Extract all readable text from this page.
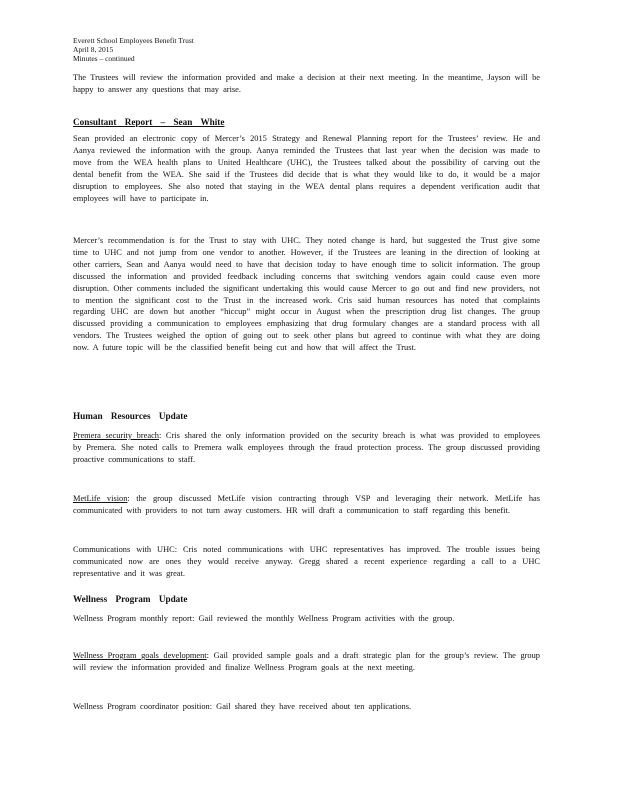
Everett School Employees Benefit Trust
April 8, 2015
Minutes – continued

The Trustees will review the information provided and make a decision at their next meeting. In the meantime, Jayson will be happy to answer any questions that may arise.

Consultant Report – Sean White

Sean provided an electronic copy of Mercer’s 2015 Strategy and Renewal Planning report for the Trustees’ review. He and Aanya reviewed the information with the group. Aanya reminded the Trustees that last year when the decision was made to move from the WEA health plans to United Healthcare (UHC), the Trustees talked about the possibility of carving out the dental benefit from the WEA. She said if the Trustees did decide that is what they would like to do, it would be a major disruption to employees. She also noted that staying in the WEA dental plans requires a dependent verification audit that employees will have to participate in.

Mercer’s recommendation is for the Trust to stay with UHC. They noted change is hard, but suggested the Trust give some time to UHC and not jump from one vendor to another. However, if the Trustees are leaning in the direction of looking at other carriers, Sean and Aanya would need to have that decision today to have enough time to solicit information. The group discussed the information and provided feedback including concerns that switching vendors again could cause even more disruption. Other comments included the significant undertaking this would cause Mercer to go out and find new providers, not to mention the significant cost to the Trust in the increased work. Cris said human resources has noted that complaints regarding UHC are down but another “hiccup” might occur in August when the prescription drug list changes. The group discussed providing a communication to employees emphasizing that drug formulary changes are a standard process with all vendors. The Trustees weighed the option of going out to seek other plans but agreed to continue with what they are doing now. A future topic will be the classified benefit being cut and how that will affect the Trust.

Human Resources Update

Premera security breach: Cris shared the only information provided on the security breach is what was provided to employees by Premera. She noted calls to Premera walk employees through the fraud protection process. The group discussed providing proactive communications to staff.

MetLife vision: the group discussed MetLife vision contracting through VSP and leveraging their network. MetLife has communicated with providers to not turn away customers. HR will draft a communication to staff regarding this benefit.

Communications with UHC: Cris noted communications with UHC representatives has improved. The trouble issues being communicated now are ones they would receive anyway. Gregg shared a recent experience regarding a call to a UHC representative and it was great.

Wellness Program Update

Wellness Program monthly report: Gail reviewed the monthly Wellness Program activities with the group.

Wellness Program goals development: Gail provided sample goals and a draft strategic plan for the group’s review. The group will review the information provided and finalize Wellness Program goals at the next meeting.

Wellness Program coordinator position: Gail shared they have received about ten applications.
